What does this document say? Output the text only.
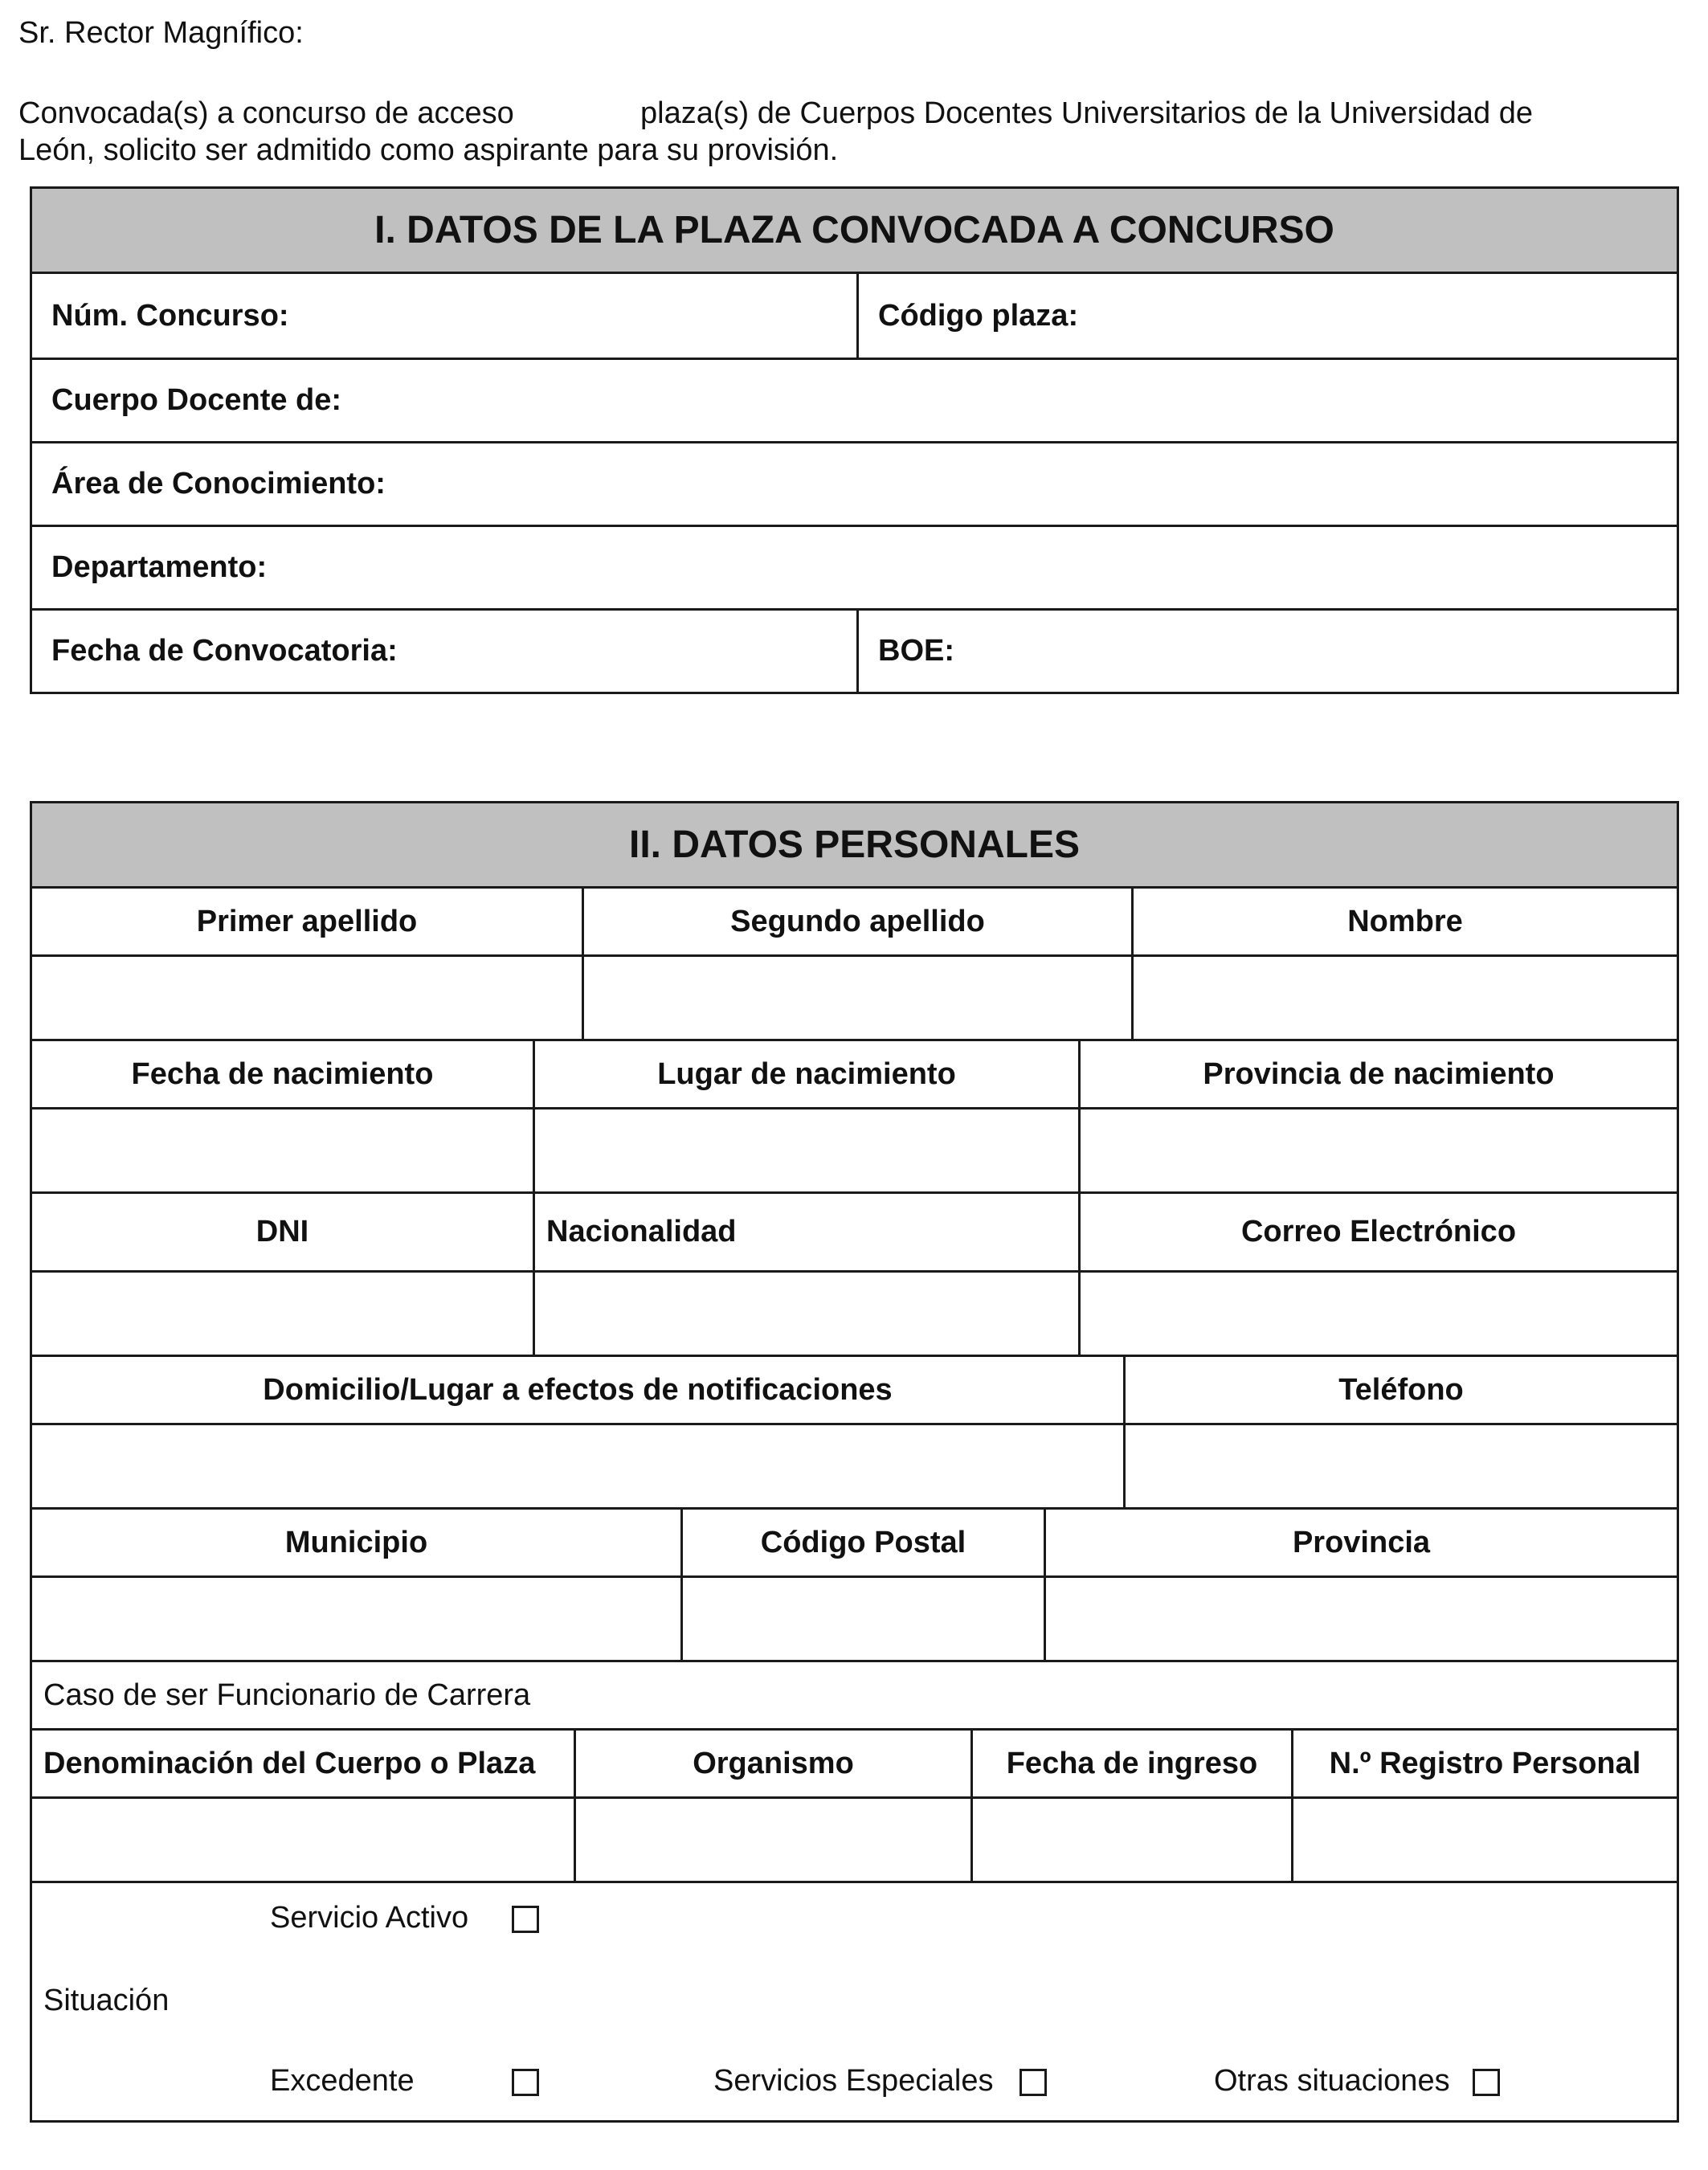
Sr. Rector Magnífico:
Convocada(s) a concurso de acceso	plaza(s) de Cuerpos Docentes Universitarios de la Universidad de
León, solicito ser admitido como aspirante para su provisión.
I. DATOS DE LA PLAZA CONVOCADA A CONCURSO
Núm. Concurso:	Código plaza:
Cuerpo Docente de:
Área de Conocimiento:
Departamento:
Fecha de Convocatoria:	BOE:
II. DATOS PERSONALES
Primer apellido	Segundo apellido	Nombre
Fecha de nacimiento	Lugar de nacimiento	Provincia de nacimiento
DNI	Nacionalidad	Correo Electrónico
Domicilio/Lugar a efectos de notificaciones	Teléfono
Municipio	Código Postal	Provincia
Caso de ser Funcionario de Carrera
Denominación del Cuerpo o Plaza	Organismo	Fecha de ingreso	N.º Registro Personal
Servicio Activo
Situación
Excedente	Servicios Especiales	Otras situaciones
